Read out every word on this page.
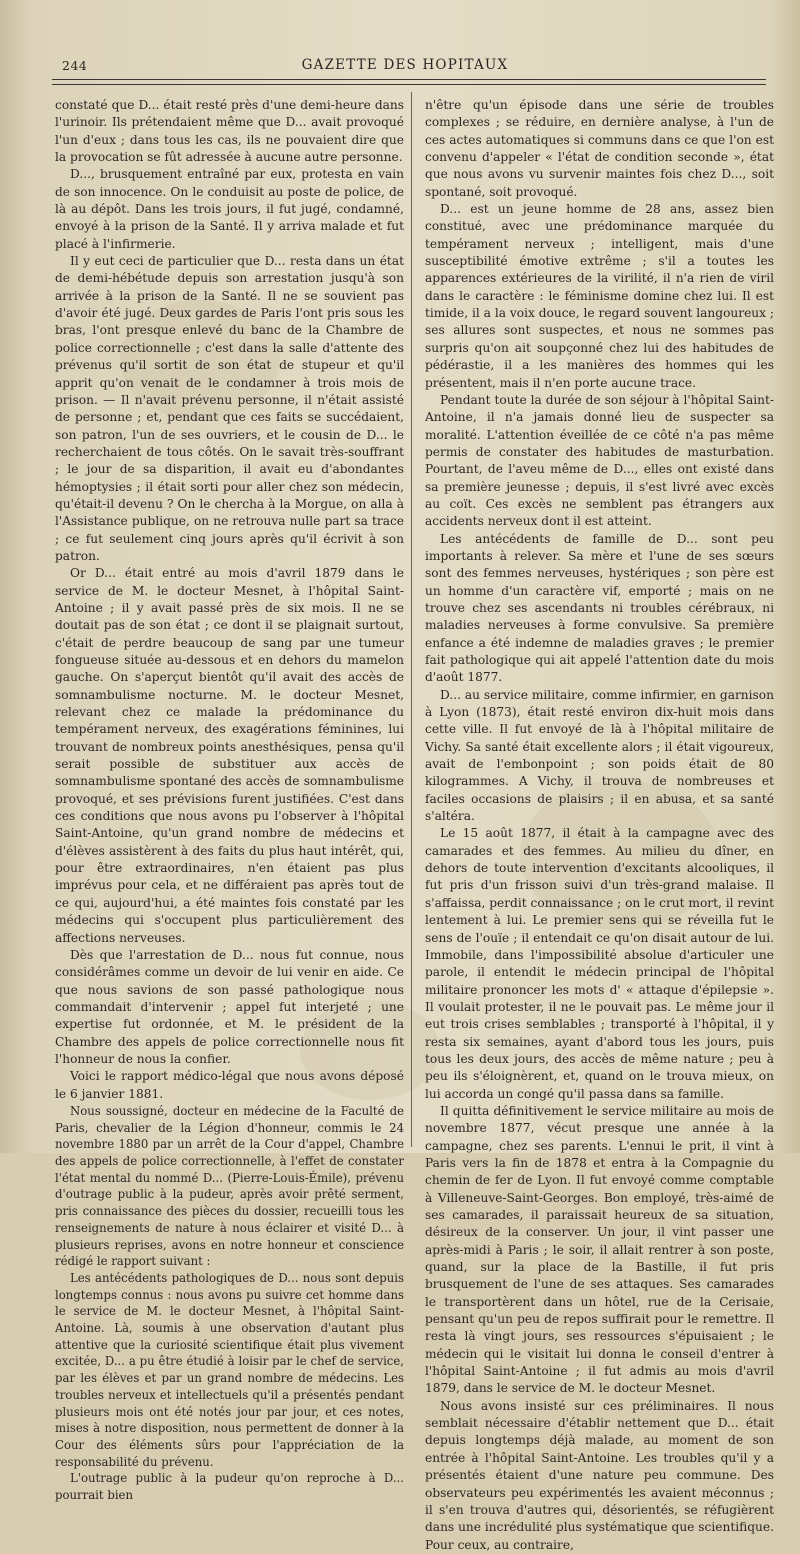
244	GAZETTE DES HOPITAUX

constaté que D... était resté près d'une demi-heure dans l'urinoir. Ils prétendaient même que D... avait provoqué l'un d'eux ; dans tous les cas, ils ne pouvaient dire que la provocation se fût adressée à aucune autre personne.

D..., brusquement entraîné par eux, protesta en vain de son innocence. On le conduisit au poste de police, de là au dépôt. Dans les trois jours, il fut jugé, condamné, envoyé à la prison de la Santé. Il y arriva malade et fut placé à l'infirmerie.

Il y eut ceci de particulier que D... resta dans un état de demi-hébétude depuis son arrestation jusqu'à son arrivée à la prison de la Santé. Il ne se souvient pas d'avoir été jugé. Deux gardes de Paris l'ont pris sous les bras, l'ont presque enlevé du banc de la Chambre de police correctionnelle ; c'est dans la salle d'attente des prévenus qu'il sortit de son état de stupeur et qu'il apprit qu'on venait de le condamner à trois mois de prison. — Il n'avait prévenu personne, il n'était assisté de personne ; et, pendant que ces faits se succédaient, son patron, l'un de ses ouvriers, et le cousin de D... le recherchaient de tous côtés. On le savait très-souffrant ; le jour de sa disparition, il avait eu d'abondantes hémoptysies ; il était sorti pour aller chez son médecin, qu'était-il devenu ? On le chercha à la Morgue, on alla à l'Assistance publique, on ne retrouva nulle part sa trace ; ce fut seulement cinq jours après qu'il écrivit à son patron.

Or D... était entré au mois d'avril 1879 dans le service de M. le docteur Mesnet, à l'hôpital Saint-Antoine ; il y avait passé près de six mois. Il ne se doutait pas de son état ; ce dont il se plaignait surtout, c'était de perdre beaucoup de sang par une tumeur fongueuse située au-dessous et en dehors du mamelon gauche. On s'aperçut bientôt qu'il avait des accès de somnambulisme nocturne. M. le docteur Mesnet, relevant chez ce malade la prédominance du tempérament nerveux, des exagérations féminines, lui trouvant de nombreux points anesthésiques, pensa qu'il serait possible de substituer aux accès de somnambulisme spontané des accès de somnambulisme provoqué, et ses prévisions furent justifiées. C'est dans ces conditions que nous avons pu l'observer à l'hôpital Saint-Antoine, qu'un grand nombre de médecins et d'élèves assistèrent à des faits du plus haut intérêt, qui, pour être extraordinaires, n'en étaient pas plus imprévus pour cela, et ne différaient pas après tout de ce qui, aujourd'hui, a été maintes fois constaté par les médecins qui s'occupent plus particulièrement des affections nerveuses.

Dès que l'arrestation de D... nous fut connue, nous considérâmes comme un devoir de lui venir en aide. Ce que nous savions de son passé pathologique nous commandait d'intervenir ; appel fut interjeté ; une expertise fut ordonnée, et M. le président de la Chambre des appels de police correctionnelle nous fit l'honneur de nous la confier.

Voici le rapport médico-légal que nous avons déposé le 6 janvier 1881.

Nous soussigné, docteur en médecine de la Faculté de Paris, chevalier de la Légion d'honneur, commis le 24 novembre 1880 par un arrêt de la Cour d'appel, Chambre des appels de police correctionnelle, à l'effet de constater l'état mental du nommé D... (Pierre-Louis-Émile), prévenu d'outrage public à la pudeur, après avoir prêté serment, pris connaissance des pièces du dossier, recueilli tous les renseignements de nature à nous éclairer et visité D... à plusieurs reprises, avons en notre honneur et conscience rédigé le rapport suivant :

Les antécédents pathologiques de D... nous sont depuis longtemps connus : nous avons pu suivre cet homme dans le service de M. le docteur Mesnet, à l'hôpital Saint-Antoine. Là, soumis à une observation d'autant plus attentive que la curiosité scientifique était plus vivement excitée, D... a pu être étudié à loisir par le chef de service, par les élèves et par un grand nombre de médecins. Les troubles nerveux et intellectuels qu'il a présentés pendant plusieurs mois ont été notés jour par jour, et ces notes, mises à notre disposition, nous permettent de donner à la Cour des éléments sûrs pour l'appréciation de la responsabilité du prévenu.

L'outrage public à la pudeur qu'on reproche à D... pourrait bien

n'être qu'un épisode dans une série de troubles complexes ; se réduire, en dernière analyse, à l'un de ces actes automatiques si communs dans ce que l'on est convenu d'appeler « l'état de condition seconde », état que nous avons vu survenir maintes fois chez D..., soit spontané, soit provoqué.

D... est un jeune homme de 28 ans, assez bien constitué, avec une prédominance marquée du tempérament nerveux ; intelligent, mais d'une susceptibilité émotive extrême ; s'il a toutes les apparences extérieures de la virilité, il n'a rien de viril dans le caractère : le féminisme domine chez lui. Il est timide, il a la voix douce, le regard souvent langoureux ; ses allures sont suspectes, et nous ne sommes pas surpris qu'on ait soupçonné chez lui des habitudes de pédérastie, il a les manières des hommes qui les présentent, mais il n'en porte aucune trace.

Pendant toute la durée de son séjour à l'hôpital Saint-Antoine, il n'a jamais donné lieu de suspecter sa moralité. L'attention éveillée de ce côté n'a pas même permis de constater des habitudes de masturbation. Pourtant, de l'aveu même de D..., elles ont existé dans sa première jeunesse ; depuis, il s'est livré avec excès au coït. Ces excès ne semblent pas étrangers aux accidents nerveux dont il est atteint.

Les antécédents de famille de D... sont peu importants à relever. Sa mère et l'une de ses sœurs sont des femmes nerveuses, hystériques ; son père est un homme d'un caractère vif, emporté ; mais on ne trouve chez ses ascendants ni troubles cérébraux, ni maladies nerveuses à forme convulsive. Sa première enfance a été indemne de maladies graves ; le premier fait pathologique qui ait appelé l'attention date du mois d'août 1877.

D... au service militaire, comme infirmier, en garnison à Lyon (1873), était resté environ dix-huit mois dans cette ville. Il fut envoyé de là à l'hôpital militaire de Vichy. Sa santé était excellente alors ; il était vigoureux, avait de l'embonpoint ; son poids était de 80 kilogrammes. A Vichy, il trouva de nombreuses et faciles occasions de plaisirs ; il en abusa, et sa santé s'altéra.

Le 15 août 1877, il était à la campagne avec des camarades et des femmes. Au milieu du dîner, en dehors de toute intervention d'excitants alcooliques, il fut pris d'un frisson suivi d'un très-grand malaise. Il s'affaissa, perdit connaissance ; on le crut mort, il revint lentement à lui. Le premier sens qui se réveilla fut le sens de l'ouïe ; il entendait ce qu'on disait autour de lui. Immobile, dans l'impossibilité absolue d'articuler une parole, il entendit le médecin principal de l'hôpital militaire prononcer les mots d' « attaque d'épilepsie ». Il voulait protester, il ne le pouvait pas. Le même jour il eut trois crises semblables ; transporté à l'hôpital, il y resta six semaines, ayant d'abord tous les jours, puis tous les deux jours, des accès de même nature ; peu à peu ils s'éloignèrent, et, quand on le trouva mieux, on lui accorda un congé qu'il passa dans sa famille.

Il quitta définitivement le service militaire au mois de novembre 1877, vécut presque une année à la campagne, chez ses parents. L'ennui le prit, il vint à Paris vers la fin de 1878 et entra à la Compagnie du chemin de fer de Lyon. Il fut envoyé comme comptable à Villeneuve-Saint-Georges. Bon employé, très-aimé de ses camarades, il paraissait heureux de sa situation, désireux de la conserver. Un jour, il vint passer une après-midi à Paris ; le soir, il allait rentrer à son poste, quand, sur la place de la Bastille, il fut pris brusquement de l'une de ses attaques. Ses camarades le transportèrent dans un hôtel, rue de la Cerisaie, pensant qu'un peu de repos suffirait pour le remettre. Il resta là vingt jours, ses ressources s'épuisaient ; le médecin qui le visitait lui donna le conseil d'entrer à l'hôpital Saint-Antoine ; il fut admis au mois d'avril 1879, dans le service de M. le docteur Mesnet.

Nous avons insisté sur ces préliminaires. Il nous semblait nécessaire d'établir nettement que D... était depuis longtemps déjà malade, au moment de son entrée à l'hôpital Saint-Antoine. Les troubles qu'il y a présentés étaient d'une nature peu commune. Des observateurs peu expérimentés les avaient méconnus ; il s'en trouva d'autres qui, désorientés, se réfugièrent dans une incrédulité plus systématique que scientifique. Pour ceux, au contraire,
